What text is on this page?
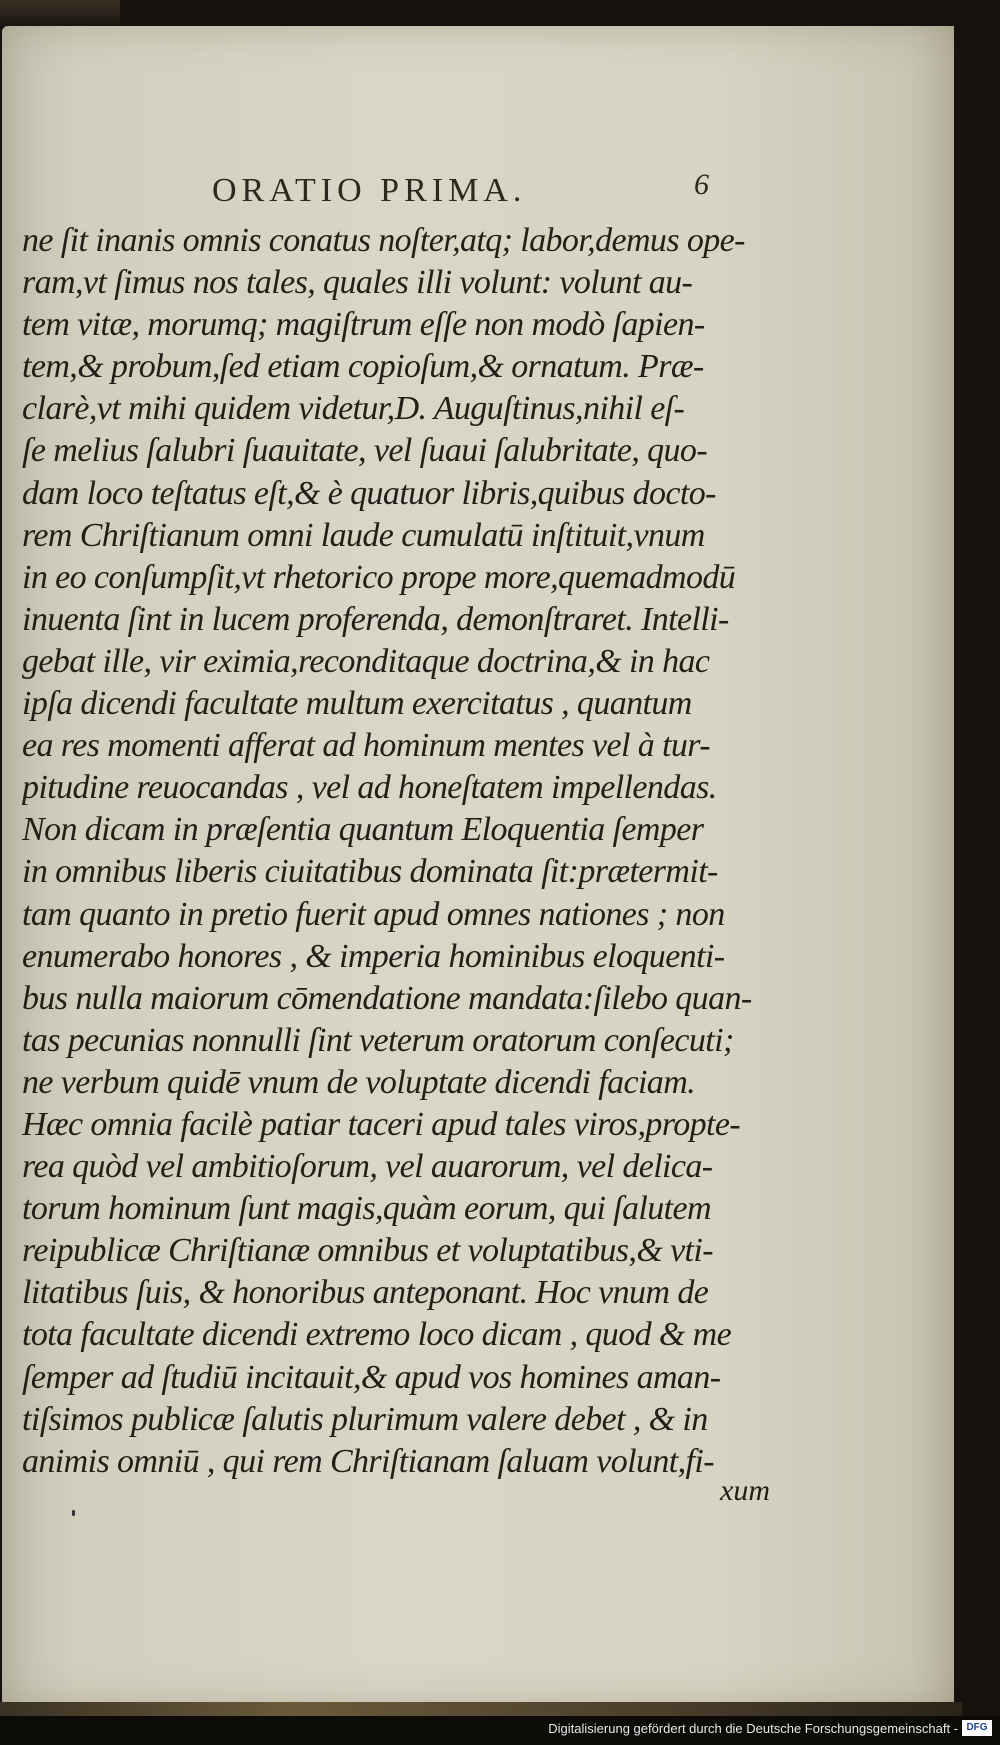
ORATIO PRIMA.	6
ne ſit inanis omnis conatus noſter,atq; labor,demus ope-
ram,vt ſimus nos tales, quales illi volunt: volunt au-
tem vitæ, morumq; magiſtrum eſſe non modò ſapien-
tem,& probum,ſed etiam copioſum,& ornatum. Præ-
clarè,vt mihi quidem videtur,D. Auguſtinus,nihil eſ-
ſe melius ſalubri ſuauitate, vel ſuaui ſalubritate, quo-
dam loco teſtatus eſt,& è quatuor libris,quibus docto-
rem Chriſtianum omni laude cumulatū inſtituit,vnum
in eo conſumpſit,vt rhetorico prope more,quemadmodū
inuenta ſint in lucem proferenda, demonſtraret. Intelli-
gebat ille, vir eximia,reconditaque doctrina,& in hac
ipſa dicendi facultate multum exercitatus , quantum
ea res momenti afferat ad hominum mentes vel à tur-
pitudine reuocandas , vel ad honeſtatem impellendas.
Non dicam in præſentia quantum Eloquentia ſemper
in omnibus liberis ciuitatibus dominata ſit:prætermit-
tam quanto in pretio fuerit apud omnes nationes ; non
enumerabo honores , & imperia hominibus eloquenti-
bus nulla maiorum cōmendatione mandata:ſilebo quan-
tas pecunias nonnulli ſint veterum oratorum conſecuti;
ne verbum quidē vnum de voluptate dicendi faciam.
Hæc omnia facilè patiar taceri apud tales viros,propte-
rea quòd vel ambitioſorum, vel auarorum, vel delica-
torum hominum ſunt magis,quàm eorum, qui ſalutem
reipublicæ Chriſtianæ omnibus et voluptatibus,& vti-
litatibus ſuis, & honoribus anteponant. Hoc vnum de
tota facultate dicendi extremo loco dicam , quod & me
ſemper ad ſtudiū incitauit,& apud vos homines aman-
tiſsimos publicæ ſalutis plurimum valere debet , & in
animis omniū , qui rem Chriſtianam ſaluam volunt,fi-
xum
Digitalisierung gefördert durch die Deutsche Forschungsgemeinschaft - DFG
